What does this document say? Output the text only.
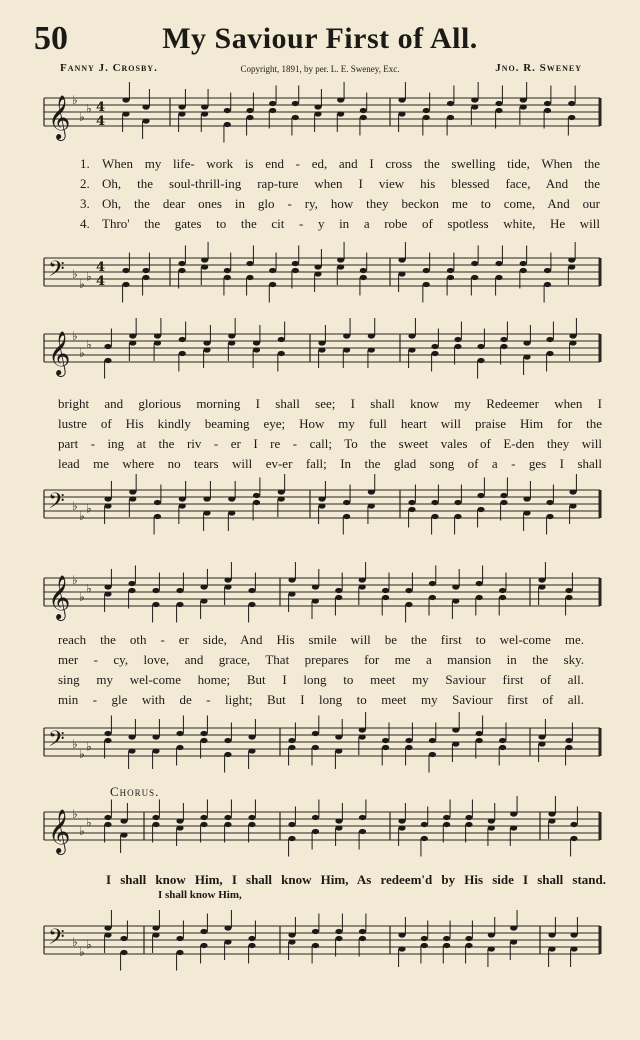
50	My Saviour First of All.
Fanny J. Crosby.	Copyright, 1891, by per. L. E. Sweney, Exc.	Jno. R. Sweney
𝄞 ♭
♭
♭ 4
4
1. When my life- work is end - ed, and I cross the swelling tide, When the
2. Oh, the soul-thrill-ing rap-ture when I view his blessed face, And the
3. Oh, the dear ones in glo - ry, how they beckon me to come, And our
4. Thro' the gates to the cit - y in a robe of spotless white, He will
𝄢 ♭
♭
♭
4
4
𝄞 ♭
♭
♭
bright and glorious morning I shall see; I shall know my Redeemer when I
lustre of His kindly beaming eye; How my full heart will praise Him for the
part - ing at the riv - er I re - call; To the sweet vales of E-den they will
lead me where no tears will ev-er fall; In the glad song of a - ges I shall
𝄢 ♭
♭
♭
𝄞 ♭
♭
♭
reach the oth - er side, And His smile will be the first to wel-come me.
mer - cy, love, and grace, That prepares for me a mansion in the sky.
sing my wel-come home; But I long to meet my Saviour first of all.
min - gle with de - light; But I long to meet my Saviour first of all.
𝄢 ♭
♭
♭
Chorus.
𝄞 ♭
♭
♭
I shall know Him, I shall know Him, As redeem'd by His side I shall stand.
I shall know Him,
𝄢 ♭
♭
♭
